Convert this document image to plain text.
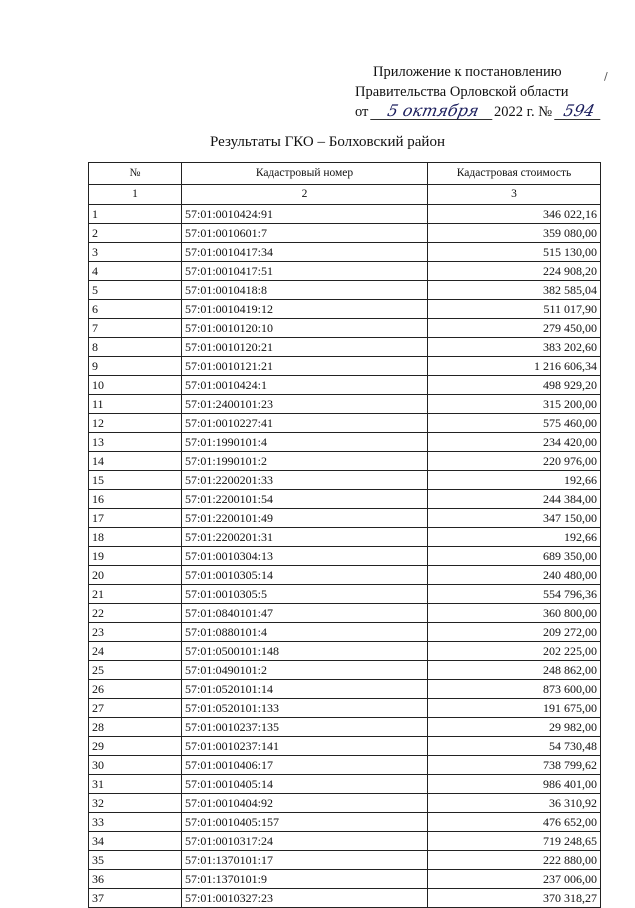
Приложение к постановлению
Правительства Орловской области
от 5 октября 2022 г. № 594
/
Результаты ГКО – Болховский район
№	Кадастровый номер	Кадастровая стоимость
1	2	3
1	57:01:0010424:91	346 022,16
2	57:01:0010601:7	359 080,00
3	57:01:0010417:34	515 130,00
4	57:01:0010417:51	224 908,20
5	57:01:0010418:8	382 585,04
6	57:01:0010419:12	511 017,90
7	57:01:0010120:10	279 450,00
8	57:01:0010120:21	383 202,60
9	57:01:0010121:21	1 216 606,34
10	57:01:0010424:1	498 929,20
11	57:01:2400101:23	315 200,00
12	57:01:0010227:41	575 460,00
13	57:01:1990101:4	234 420,00
14	57:01:1990101:2	220 976,00
15	57:01:2200201:33	192,66
16	57:01:2200101:54	244 384,00
17	57:01:2200101:49	347 150,00
18	57:01:2200201:31	192,66
19	57:01:0010304:13	689 350,00
20	57:01:0010305:14	240 480,00
21	57:01:0010305:5	554 796,36
22	57:01:0840101:47	360 800,00
23	57:01:0880101:4	209 272,00
24	57:01:0500101:148	202 225,00
25	57:01:0490101:2	248 862,00
26	57:01:0520101:14	873 600,00
27	57:01:0520101:133	191 675,00
28	57:01:0010237:135	29 982,00
29	57:01:0010237:141	54 730,48
30	57:01:0010406:17	738 799,62
31	57:01:0010405:14	986 401,00
32	57:01:0010404:92	36 310,92
33	57:01:0010405:157	476 652,00
34	57:01:0010317:24	719 248,65
35	57:01:1370101:17	222 880,00
36	57:01:1370101:9	237 006,00
37	57:01:0010327:23	370 318,27
